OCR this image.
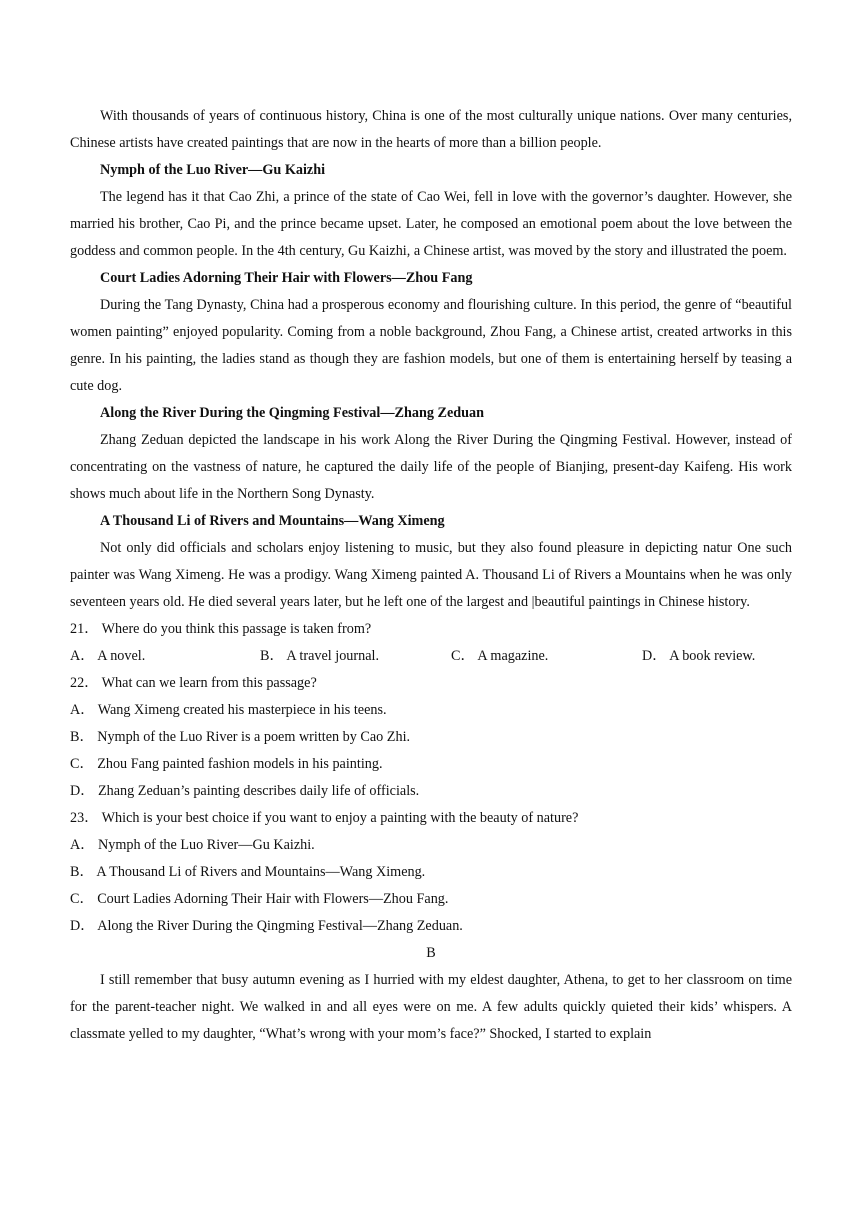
With thousands of years of continuous history, China is one of the most culturally unique nations. Over many centuries, Chinese artists have created paintings that are now in the hearts of more than a billion people.

Nymph of the Luo River—Gu Kaizhi

The legend has it that Cao Zhi, a prince of the state of Cao Wei, fell in love with the governor’s daughter. However, she married his brother, Cao Pi, and the prince became upset. Later, he composed an emotional poem about the love between the goddess and common people. In the 4th century, Gu Kaizhi, a Chinese artist, was moved by the story and illustrated the poem.

Court Ladies Adorning Their Hair with Flowers—Zhou Fang

During the Tang Dynasty, China had a prosperous economy and flourishing culture. In this period, the genre of “beautiful women painting” enjoyed popularity. Coming from a noble background, Zhou Fang, a Chinese artist, created artworks in this genre. In his painting, the ladies stand as though they are fashion models, but one of them is entertaining herself by teasing a cute dog.

Along the River During the Qingming Festival—Zhang Zeduan

Zhang Zeduan depicted the landscape in his work Along the River During the Qingming Festival. However, instead of concentrating on the vastness of nature, he captured the daily life of the people of Bianjing, present-day Kaifeng. His work shows much about life in the Northern Song Dynasty.

A Thousand Li of Rivers and Mountains—Wang Ximeng

Not only did officials and scholars enjoy listening to music, but they also found pleasure in depicting natur One such painter was Wang Ximeng. He was a prodigy. Wang Ximeng painted A. Thousand Li of Rivers a Mountains when he was only seventeen years old. He died several years later, but he left one of the largest and |beautiful paintings in Chinese history.

21． Where do you think this passage is taken from?

A． A novel.	B． A travel journal.	C． A magazine.	D． A book review.

22． What can we learn from this passage?

A． Wang Ximeng created his masterpiece in his teens.

B． Nymph of the Luo River is a poem written by Cao Zhi.

C． Zhou Fang painted fashion models in his painting.

D． Zhang Zeduan’s painting describes daily life of officials.

23． Which is your best choice if you want to enjoy a painting with the beauty of nature?

A． Nymph of the Luo River—Gu Kaizhi.

B． A Thousand Li of Rivers and Mountains—Wang Ximeng.

C． Court Ladies Adorning Their Hair with Flowers—Zhou Fang.

D． Along the River During the Qingming Festival—Zhang Zeduan.

B

I still remember that busy autumn evening as I hurried with my eldest daughter, Athena, to get to her classroom on time for the parent-teacher night. We walked in and all eyes were on me. A few adults quickly quieted their kids’ whispers. A classmate yelled to my daughter, “What’s wrong with your mom’s face?” Shocked, I started to explain
